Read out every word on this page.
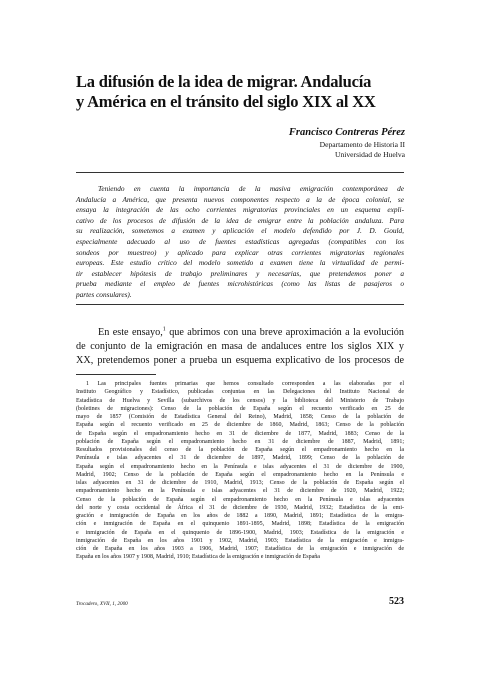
La difusión de la idea de migrar. Andalucía
y América en el tránsito del siglo XIX al XX

Francisco Contreras Pérez

Departamento de Historia II
Universidad de Huelva

Teniendo en cuenta la importancia de la masiva emigración contemporánea de
Andalucía a América, que presenta nuevos componentes respecto a la de época colonial, se
ensaya la integración de las ocho corrientes migratorias provinciales en un esquema expli-
cativo de los procesos de difusión de la idea de emigrar entre la población andaluza. Para
su realización, sometemos a examen y aplicación el modelo defendido por J. D. Gould,
especialmente adecuado al uso de fuentes estadísticas agregadas (compatibles con los
sondeos por muestreo) y aplicado para explicar otras corrientes migratorias regionales
europeas. Este estudio crítico del modelo sometido a examen tiene la virtualidad de permi-
tir establecer hipótesis de trabajo preliminares y necesarias, que pretendemos poner a
prueba mediante el empleo de fuentes microhistóricas (como las listas de pasajeros o
partes consulares).

En este ensayo,$^1$ que abrimos con una breve aproximación a la evolución
de conjunto de la emigración en masa de andaluces entre los siglos XIX y
XX, pretendemos poner a prueba un esquema explicativo de los procesos de

1 Las principales fuentes primarias que hemos consultado corresponden a las elaboradas por el
Instituto Geográfico y Estadístico, publicadas conjuntas en las Delegaciones del Instituto Nacional de
Estadística de Huelva y Sevilla (subarchivos de los censos) y la biblioteca del Ministerio de Trabajo
(boletines de migraciones): Censo de la población de España según el recuento verificado en 25 de
mayo de 1857 (Comisión de Estadística General del Reino), Madrid, 1858; Censo de la población de
España según el recuento verificado en 25 de diciembre de 1860, Madrid, 1863; Censo de la población
de España según el empadronamiento hecho en 31 de diciembre de 1877, Madrid, 1883; Censo de la
población de España según el empadronamiento hecho en 31 de diciembre de 1887, Madrid, 1891;
Resultados provisionales del censo de la población de España según el empadronamiento hecho en la
Península e islas adyacentes el 31 de diciembre de 1897, Madrid, 1899; Censo de la población de
España según el empadronamiento hecho en la Península e islas adyacentes el 31 de diciembre de 1900,
Madrid, 1902; Censo de la población de España según el empadronamiento hecho en la Península e
islas adyacentes en 31 de diciembre de 1910, Madrid, 1913; Censo de la población de España según el
empadronamiento hecho en la Península e islas adyacentes el 31 de diciembre de 1920, Madrid, 1922;
Censo de la población de España según el empadronamiento hecho en la Península e islas adyacentes
del norte y costa occidental de África el 31 de diciembre de 1930, Madrid, 1932; Estadística de la emi-
gración e inmigración de España en los años de 1882 a 1890, Madrid, 1891; Estadística de la emigra-
ción e inmigración de España en el quinquenio 1891-1895, Madrid, 1898; Estadística de la emigración
e inmigración de España en el quinquenio de 1896-1900, Madrid, 1903; Estadística de la emigración e
inmigración de España en los años 1901 y 1902, Madrid, 1903; Estadística de la emigración e inmigra-
ción de España en los años 1903 a 1906, Madrid, 1907; Estadística de la emigración e inmigración de
España en los años 1907 y 1908, Madrid, 1910; Estadística de la emigración e inmigración de España

Trocadero, XVII, 1, 2000	523
